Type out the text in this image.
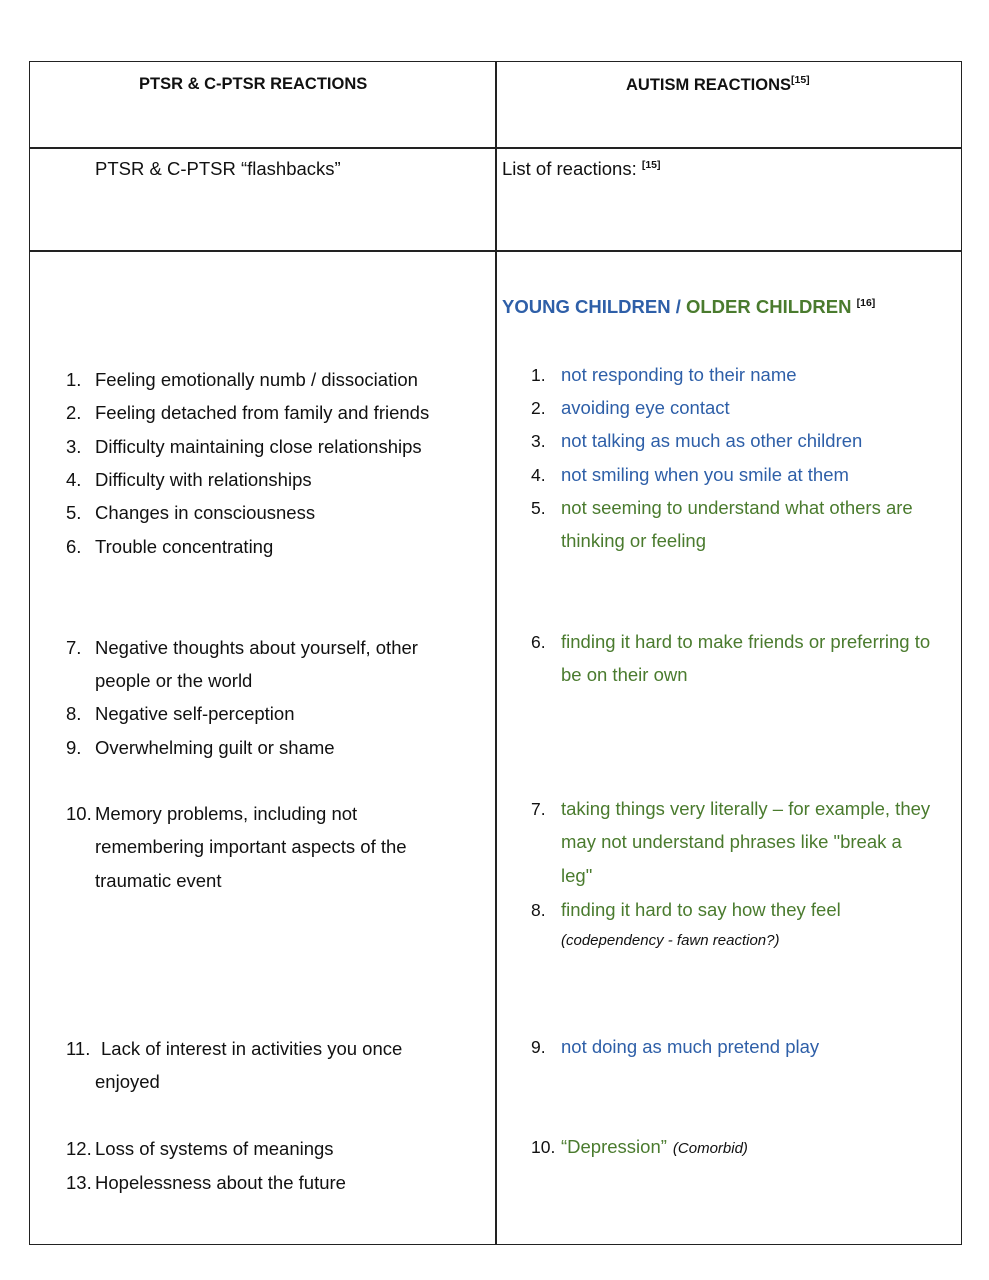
PTSR & C-PTSR REACTIONS	AUTISM REACTIONS[15]
PTSR & C-PTSR “flashbacks”	List of reactions: [15]
YOUNG CHILDREN / OLDER CHILDREN [16]
1. Feeling emotionally numb / dissociation
2. Feeling detached from family and friends
3. Difficulty maintaining close relationships
4. Difficulty with relationships
5. Changes in consciousness
6. Trouble concentrating
7. Negative thoughts about yourself, other
people or the world
8. Negative self-perception
9. Overwhelming guilt or shame
10. Memory problems, including not
remembering important aspects of the
traumatic event
11. Lack of interest in activities you once
enjoyed
12. Loss of systems of meanings
13. Hopelessness about the future
1. not responding to their name
2. avoiding eye contact
3. not talking as much as other children
4. not smiling when you smile at them
5. not seeming to understand what others are
thinking or feeling
6. finding it hard to make friends or preferring to
be on their own
7. taking things very literally – for example, they
may not understand phrases like "break a
leg"
8. finding it hard to say how they feel
(codependency - fawn reaction?)
9. not doing as much pretend play
10. “Depression” (Comorbid)
